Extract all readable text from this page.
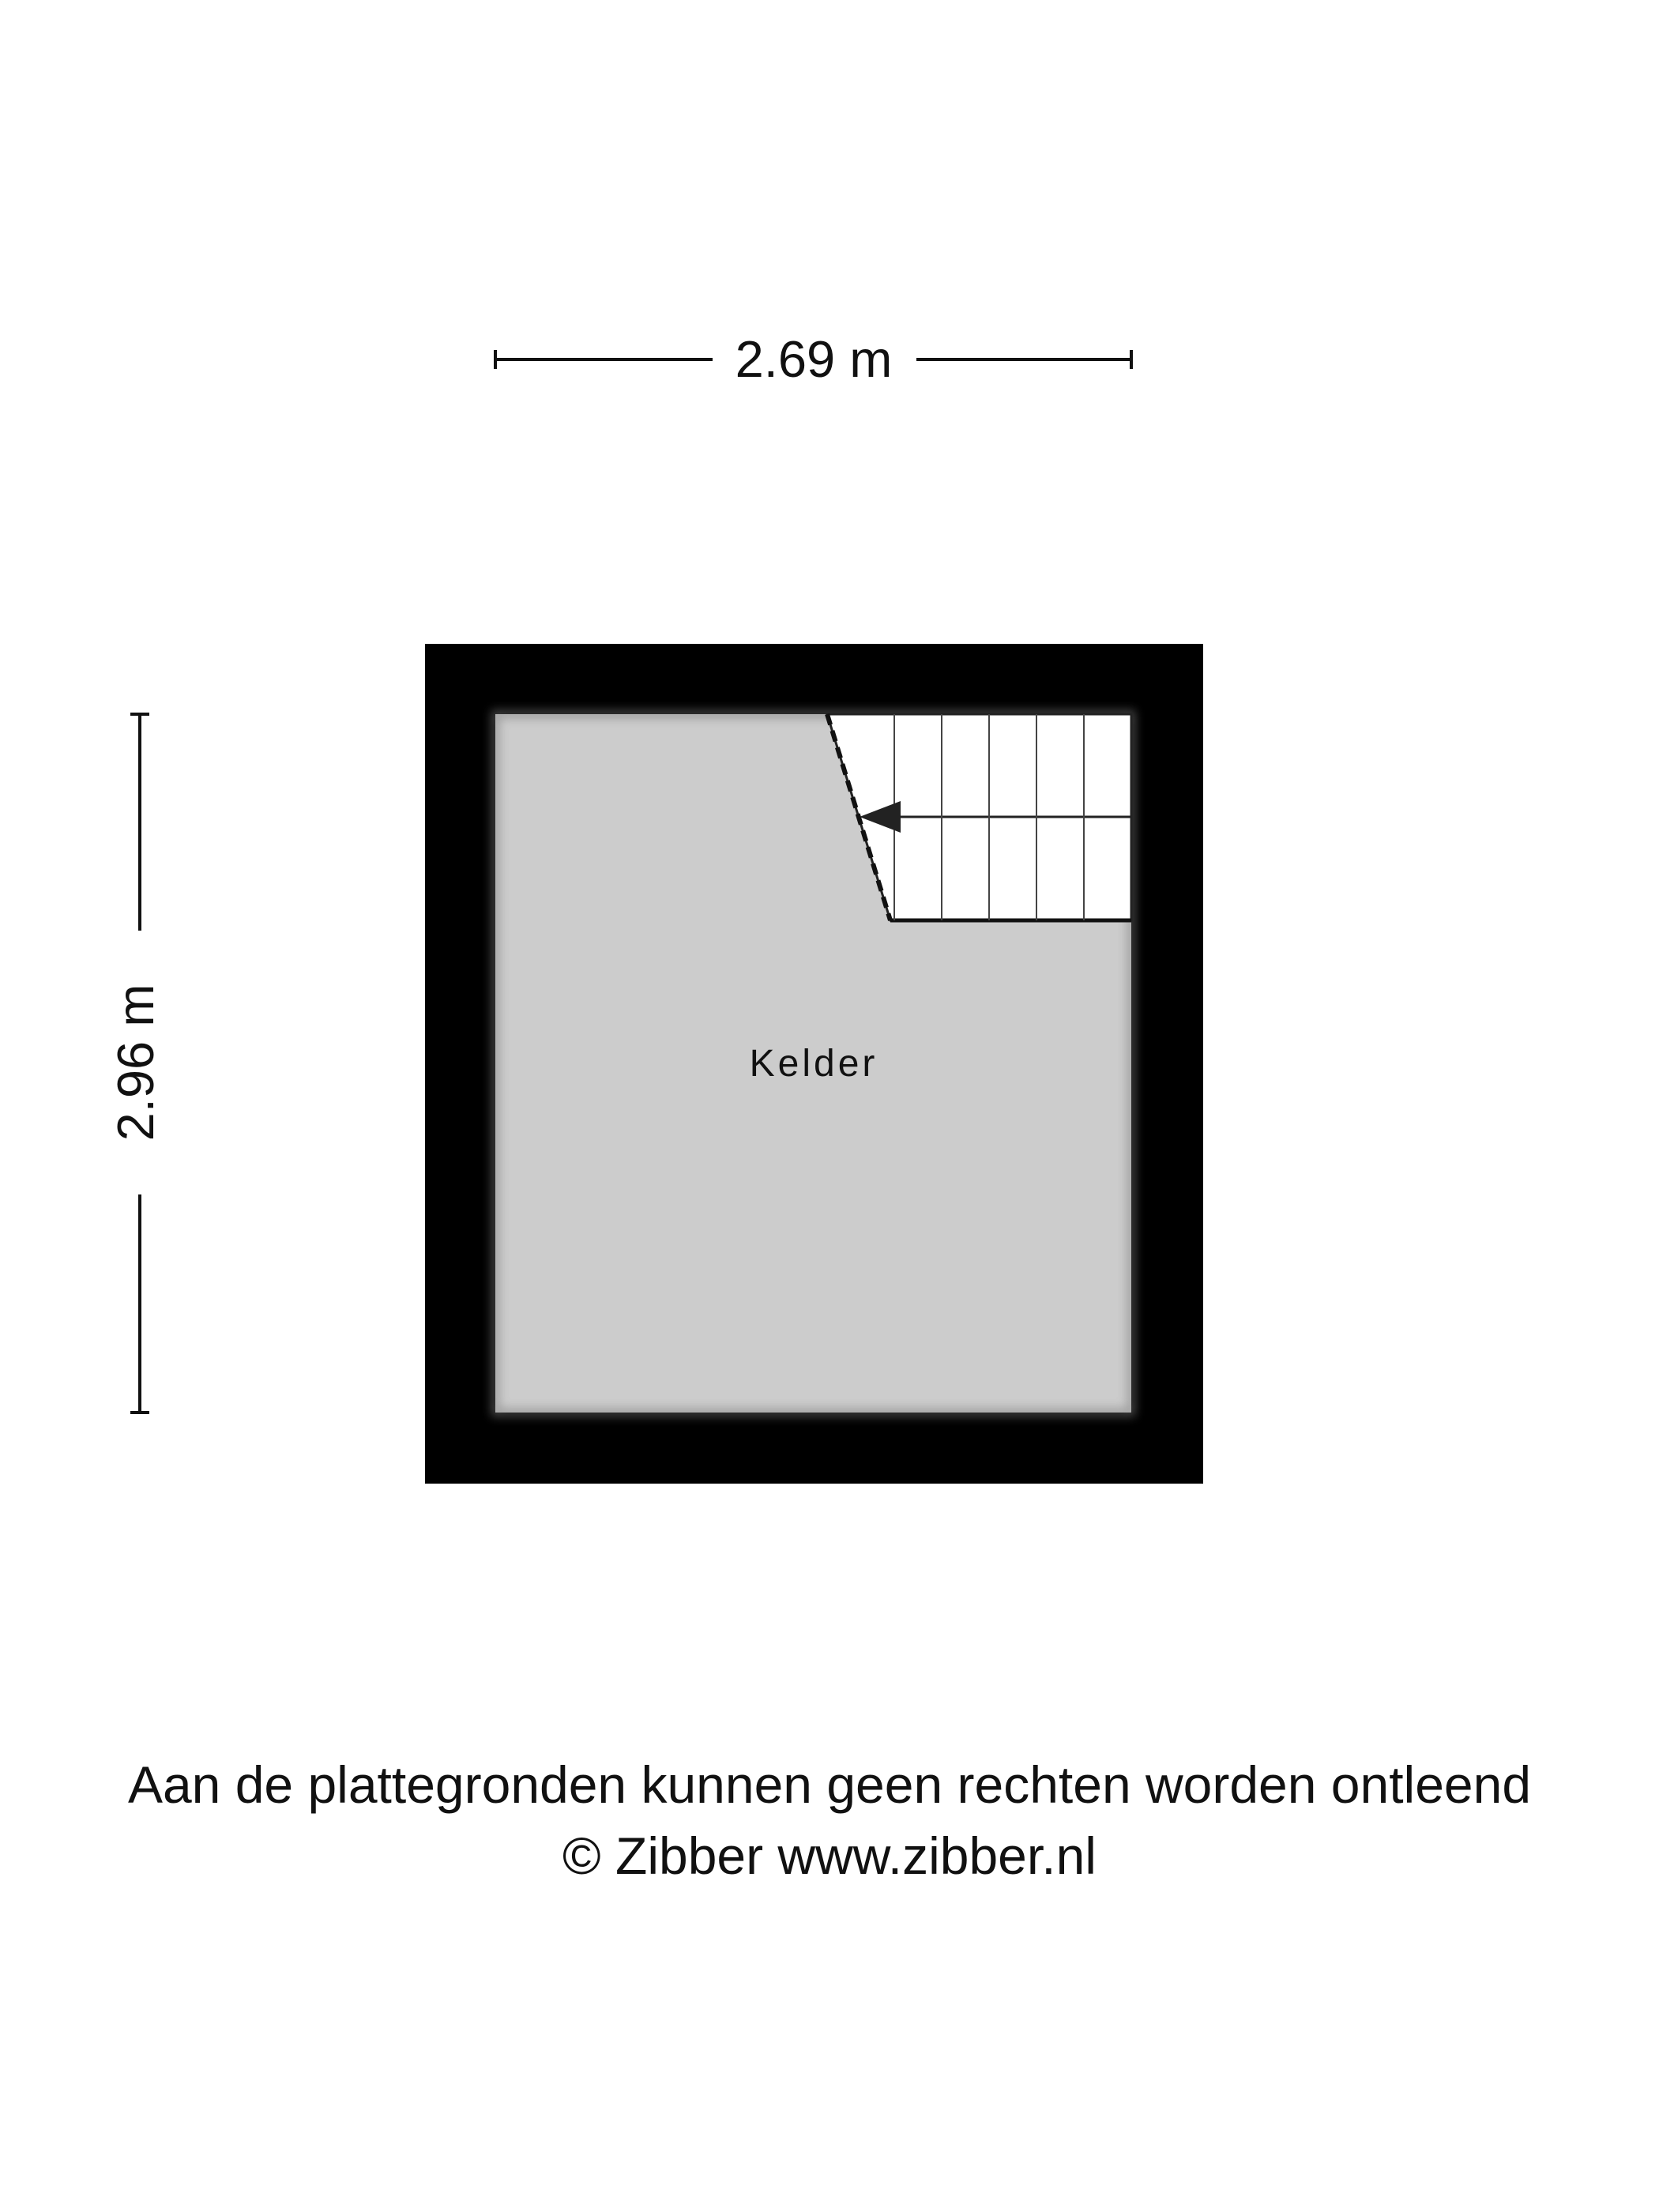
2.69 m
2.96 m	Kelder
Aan de plattegronden kunnen geen rechten worden ontleend
© Zibber www.zibber.nl
